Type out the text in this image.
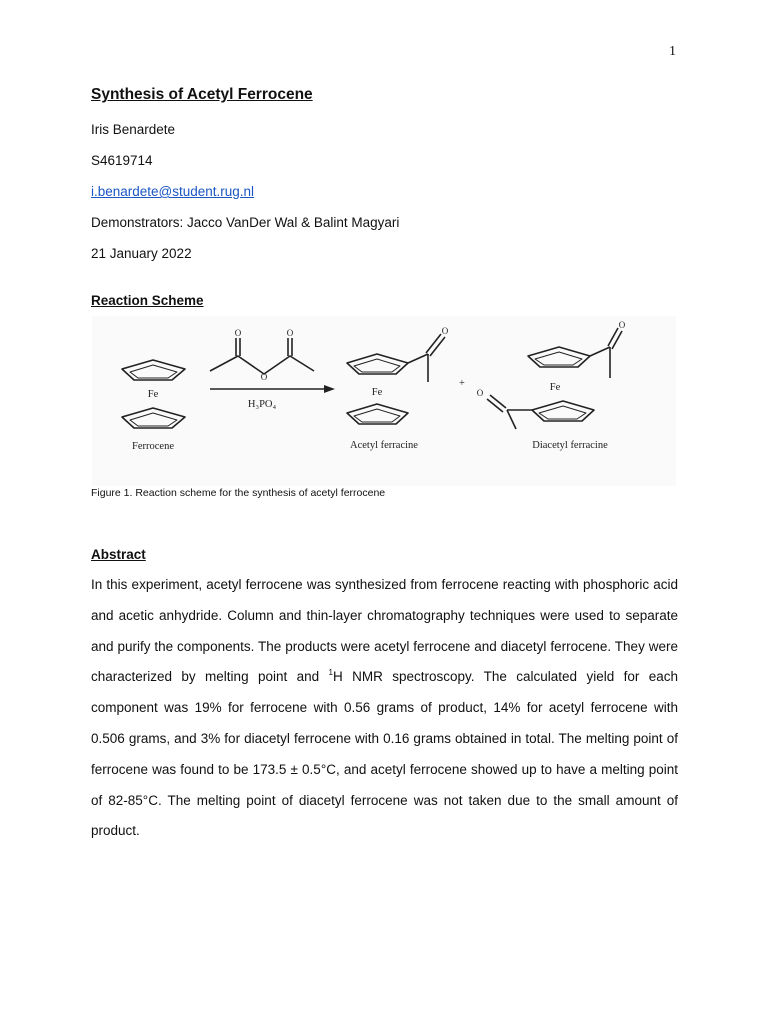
1
Synthesis of Acetyl Ferrocene
Iris Benardete
S4619714
i.benardete@student.rug.nl
Demonstrators: Jacco VanDer Wal & Balint Magyari
21 January 2022
Reaction Scheme
Fe
Ferrocene
O	O
O
H₃PO₄
Fe
O
Acetyl ferracine
+	Fe
O
O
Diacetyl ferracine
Figure 1. Reaction scheme for the synthesis of acetyl ferrocene
Abstract

In this experiment, acetyl ferrocene was synthesized from ferrocene reacting with phosphoric acid and acetic anhydride. Column and thin-layer chromatography techniques were used to separate and purify the components. The products were acetyl ferrocene and diacetyl ferrocene. They were characterized by melting point and $^1$H NMR spectroscopy. The calculated yield for each component was 19% for ferrocene with 0.56 grams of product, 14% for acetyl ferrocene with 0.506 grams, and 3% for diacetyl ferrocene with 0.16 grams obtained in total. The melting point of ferrocene was found to be 173.5 ± 0.5°C, and acetyl ferrocene showed up to have a melting point of 82-85°C. The melting point of diacetyl ferrocene was not taken due to the small amount of product.
